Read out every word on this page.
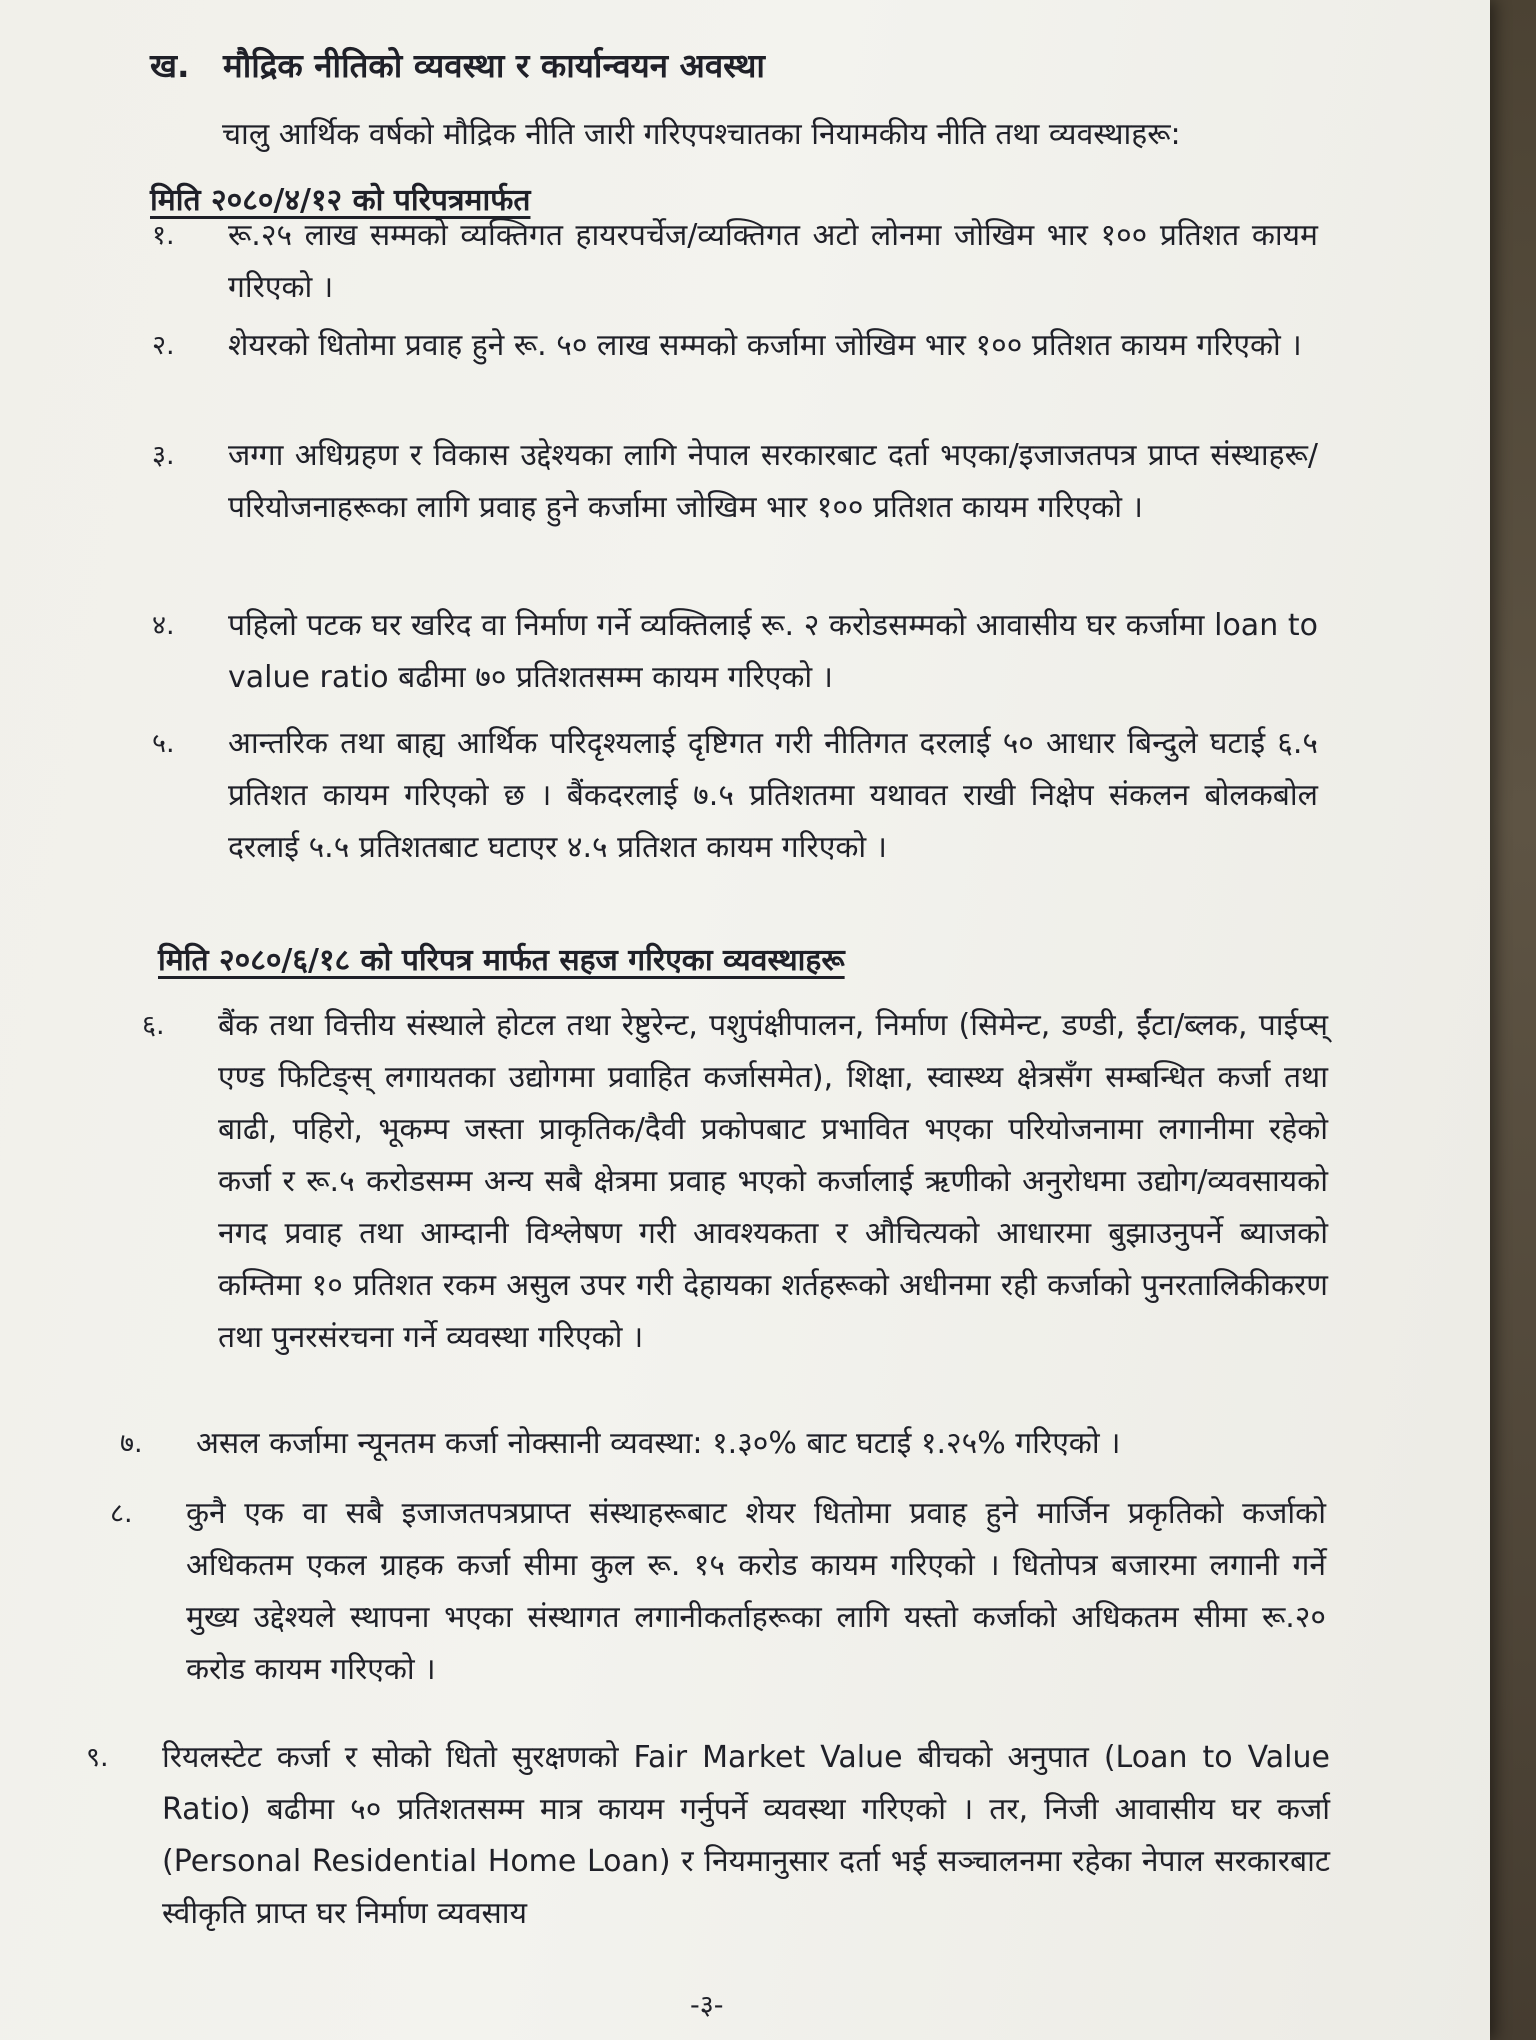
ख. मौद्रिक नीतिको व्यवस्था र कार्यान्वयन अवस्था
चालु आर्थिक वर्षको मौद्रिक नीति जारी गरिएपश्चातका नियामकीय नीति तथा व्यवस्थाहरू:
मिति २०८०/४/१२ को परिपत्रमार्फत
१. रू.२५ लाख सम्मको व्यक्तिगत हायरपर्चेज/व्यक्तिगत अटो लोनमा जोखिम भार १०० प्रतिशत कायम गरिएको ।
२. शेयरको धितोमा प्रवाह हुने रू. ५० लाख सम्मको कर्जामा जोखिम भार १०० प्रतिशत कायम गरिएको ।
३. जग्गा अधिग्रहण र विकास उद्देश्यका लागि नेपाल सरकारबाट दर्ता भएका/इजाजतपत्र प्राप्त संस्थाहरू/परियोजनाहरूका लागि प्रवाह हुने कर्जामा जोखिम भार १०० प्रतिशत कायम गरिएको ।
४. पहिलो पटक घर खरिद वा निर्माण गर्ने व्यक्तिलाई रू. २ करोडसम्मको आवासीय घर कर्जामा loan to value ratio बढीमा ७० प्रतिशतसम्म कायम गरिएको ।
५. आन्तरिक तथा बाह्य आर्थिक परिदृश्यलाई दृष्टिगत गरी नीतिगत दरलाई ५० आधार बिन्दुले घटाई ६.५ प्रतिशत कायम गरिएको छ । बैंकदरलाई ७.५ प्रतिशतमा यथावत राखी निक्षेप संकलन बोलकबोल दरलाई ५.५ प्रतिशतबाट घटाएर ४.५ प्रतिशत कायम गरिएको ।
मिति २०८०/६/१८ को परिपत्र मार्फत सहज गरिएका व्यवस्थाहरू
६. बैंक तथा वित्तीय संस्थाले होटल तथा रेष्टुरेन्ट, पशुपंक्षीपालन, निर्माण (सिमेन्ट, डण्डी, ईंटा/ब्लक, पाईप्स् एण्ड फिटिङ्स् लगायतका उद्योगमा प्रवाहित कर्जासमेत), शिक्षा, स्वास्थ्य क्षेत्रसँग सम्बन्धित कर्जा तथा बाढी, पहिरो, भूकम्प जस्ता प्राकृतिक/दैवी प्रकोपबाट प्रभावित भएका परियोजनामा लगानीमा रहेको कर्जा र रू.५ करोडसम्म अन्य सबै क्षेत्रमा प्रवाह भएको कर्जालाई ऋणीको अनुरोधमा उद्योग/व्यवसायको नगद प्रवाह तथा आम्दानी विश्लेषण गरी आवश्यकता र औचित्यको आधारमा बुझाउनुपर्ने ब्याजको कम्तिमा १० प्रतिशत रकम असुल उपर गरी देहायका शर्तहरूको अधीनमा रही कर्जाको पुनरतालिकीकरण तथा पुनरसंरचना गर्ने व्यवस्था गरिएको ।
७. असल कर्जामा न्यूनतम कर्जा नोक्सानी व्यवस्था: १.३०% बाट घटाई १.२५% गरिएको ।
८. कुनै एक वा सबै इजाजतपत्रप्राप्त संस्थाहरूबाट शेयर धितोमा प्रवाह हुने मार्जिन प्रकृतिको कर्जाको अधिकतम एकल ग्राहक कर्जा सीमा कुल रू. १५ करोड कायम गरिएको । धितोपत्र बजारमा लगानी गर्ने मुख्य उद्देश्यले स्थापना भएका संस्थागत लगानीकर्ताहरूका लागि यस्तो कर्जाको अधिकतम सीमा रू.२० करोड कायम गरिएको ।
९. रियलस्टेट कर्जा र सोको धितो सुरक्षणको Fair Market Value बीचको अनुपात (Loan to Value Ratio) बढीमा ५० प्रतिशतसम्म मात्र कायम गर्नुपर्ने व्यवस्था गरिएको । तर, निजी आवासीय घर कर्जा (Personal Residential Home Loan) र नियमानुसार दर्ता भई सञ्चालनमा रहेका नेपाल सरकारबाट स्वीकृति प्राप्त घर निर्माण व्यवसाय
-३-
